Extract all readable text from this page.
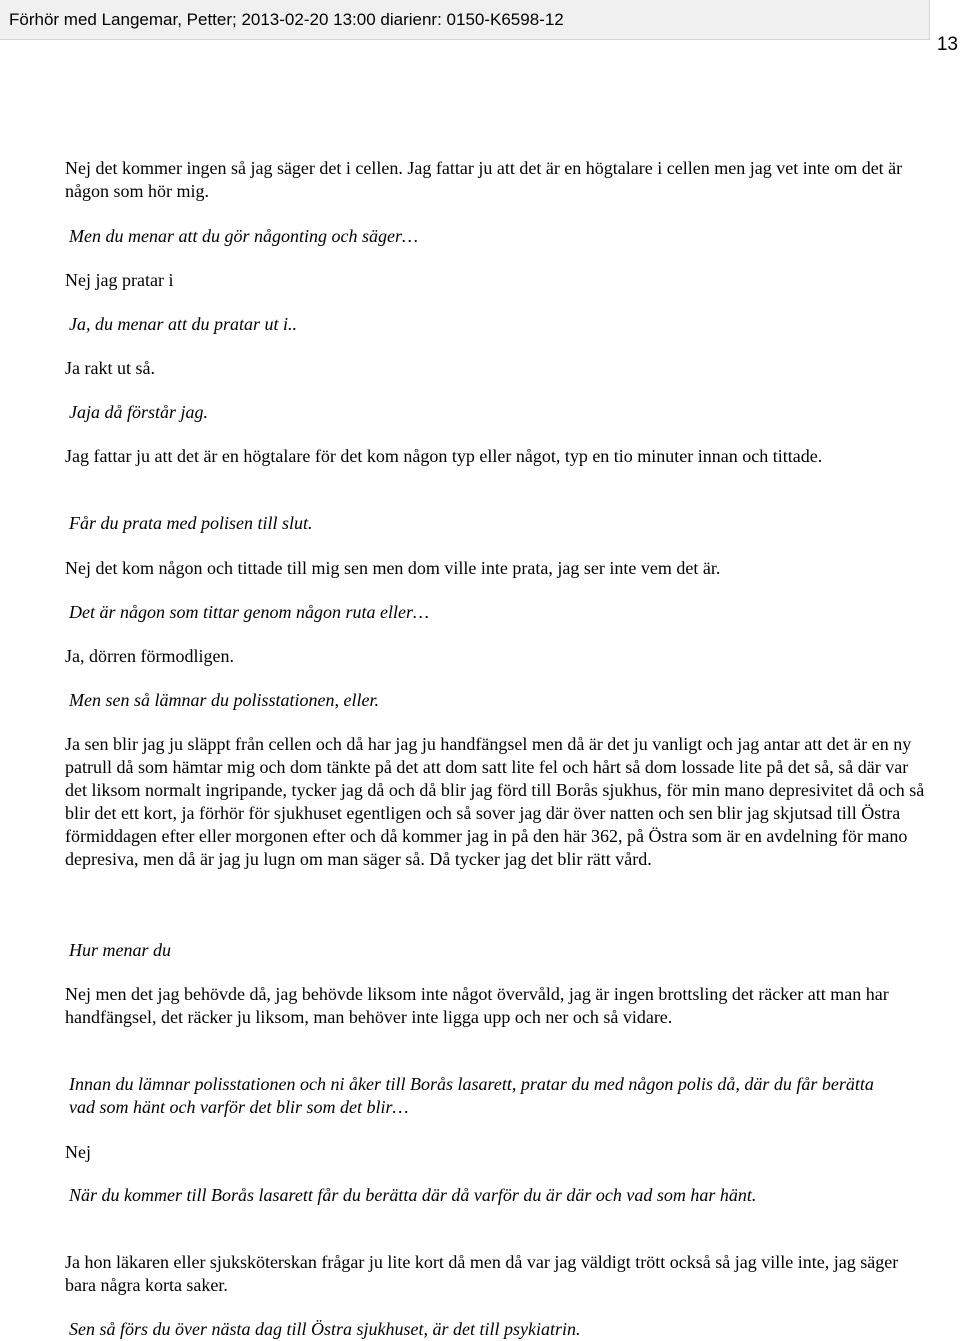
Förhör med Langemar, Petter; 2013-02-20 13:00 diarienr: 0150-K6598-12
13

Nej det kommer ingen så jag säger det i cellen. Jag fattar ju att det är en högtalare i cellen men jag vet inte om det är någon som hör mig.

Men du menar att du gör någonting och säger…

Nej jag pratar i

Ja, du menar att du pratar ut i..

Ja rakt ut så.

Jaja då förstår jag.

Jag fattar ju att det är en högtalare för det kom någon typ eller något, typ en tio minuter innan och tittade.

Får du prata med polisen till slut.

Nej det kom någon och tittade till mig sen men dom ville inte prata, jag ser inte vem det är.

Det är någon som tittar genom någon ruta eller…

Ja, dörren förmodligen.

Men sen så lämnar du polisstationen, eller.

Ja sen blir jag ju släppt från cellen och då har jag ju handfängsel men då är det ju vanligt och jag antar att det är en ny patrull då som hämtar mig och dom tänkte på det att dom satt lite fel och hårt så dom lossade lite på det så, så där var det liksom normalt ingripande, tycker jag då och då blir jag förd till Borås sjukhus, för min mano depresivitet då och så blir det ett kort, ja förhör för sjukhuset egentligen och så sover jag där över natten och sen blir jag skjutsad till Östra förmiddagen efter eller morgonen efter och då kommer jag in på den här 362, på Östra som är en avdelning för mano depresiva, men då är jag ju lugn om man säger så. Då tycker jag det blir rätt vård.

Hur menar du

Nej men det jag behövde då, jag behövde liksom inte något övervåld, jag är ingen brottsling det räcker att man har handfängsel, det räcker ju liksom, man behöver inte ligga upp och ner och så vidare.

Innan du lämnar polisstationen och ni åker till Borås lasarett, pratar du med någon polis då, där du får berätta vad som hänt och varför det blir som det blir…

Nej

När du kommer till Borås lasarett får du berätta där då varför du är där och vad som har hänt.

Ja hon läkaren eller sjuksköterskan frågar ju lite kort då men då var jag väldigt trött också så jag ville inte, jag säger bara några korta saker.

Sen så förs du över nästa dag till Östra sjukhuset, är det till psykiatrin.
